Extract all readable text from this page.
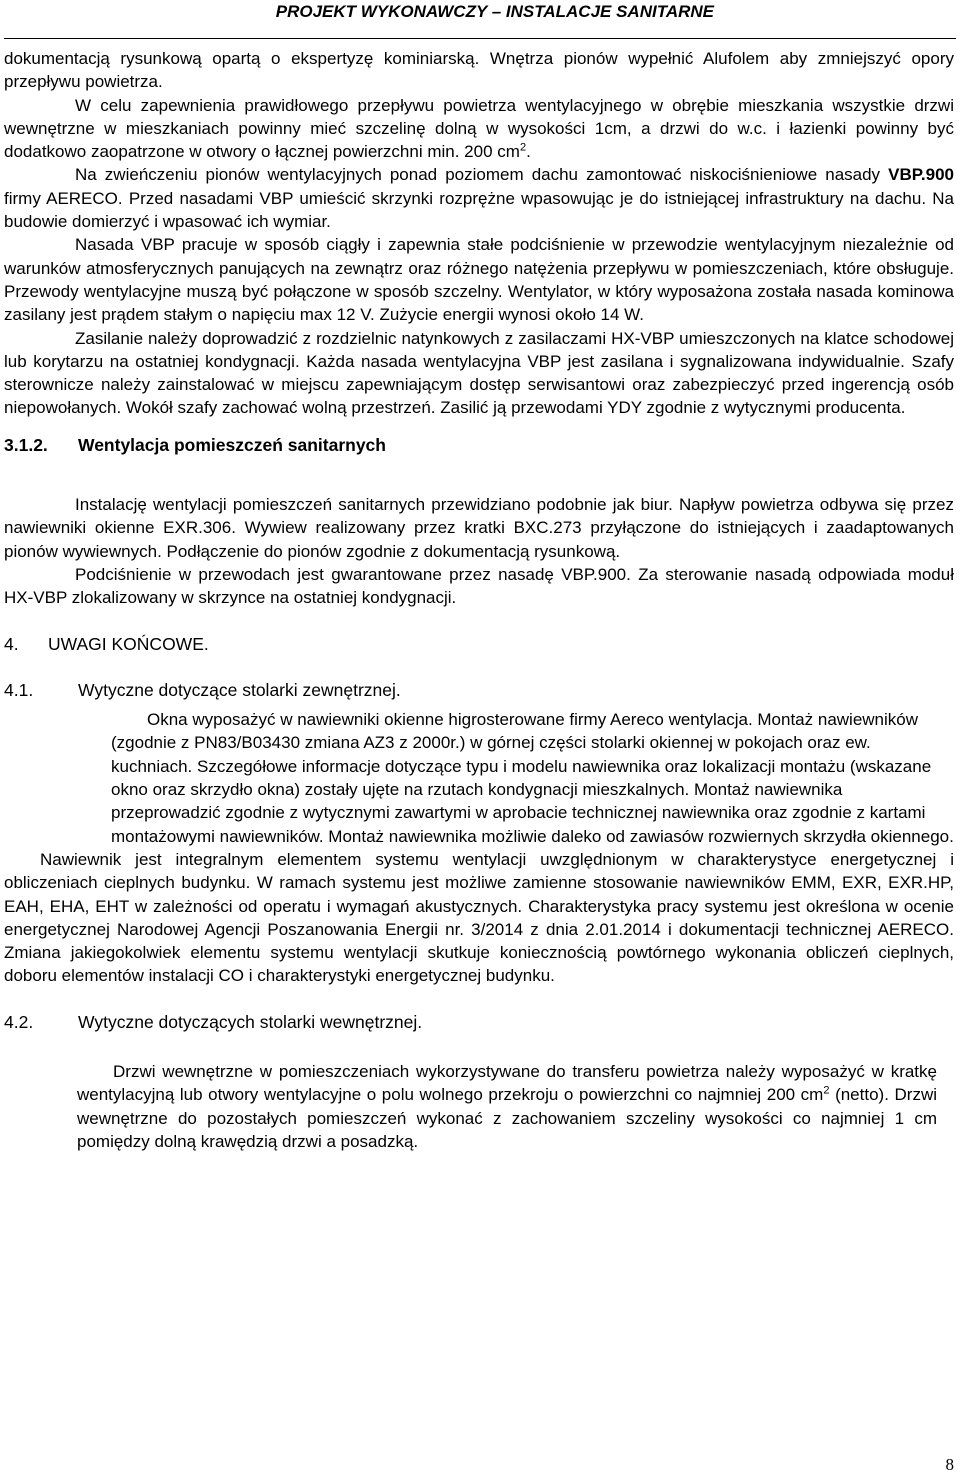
PROJEKT WYKONAWCZY – INSTALACJE SANITARNE

dokumentacją rysunkową opartą o ekspertyzę kominiarską. Wnętrza pionów wypełnić Alufolem aby zmniejszyć opory przepływu powietrza.

W celu zapewnienia prawidłowego przepływu powietrza wentylacyjnego w obrębie mieszkania wszystkie drzwi wewnętrzne w mieszkaniach powinny mieć szczelinę dolną w wysokości 1cm, a drzwi do w.c. i łazienki powinny być dodatkowo zaopatrzone w otwory o łącznej powierzchni min. 200 $cm^2$.

Na zwieńczeniu pionów wentylacyjnych ponad poziomem dachu zamontować niskociśnieniowe nasady VBP.900 firmy AERECO. Przed nasadami VBP umieścić skrzynki rozprężne wpasowując je do istniejącej infrastruktury na dachu. Na budowie domierzyć i wpasować ich wymiar.

Nasada VBP pracuje w sposób ciągły i zapewnia stałe podciśnienie w przewodzie wentylacyjnym niezależnie od warunków atmosferycznych panujących na zewnątrz oraz różnego natężenia przepływu w pomieszczeniach, które obsługuje. Przewody wentylacyjne muszą być połączone w sposób szczelny. Wentylator, w który wyposażona została nasada kominowa zasilany jest prądem stałym o napięciu max 12 V. Zużycie energii wynosi około 14 W.

Zasilanie należy doprowadzić z rozdzielnic natynkowych z zasilaczami HX-VBP umieszczonych na klatce schodowej lub korytarzu na ostatniej kondygnacji. Każda nasada wentylacyjna VBP jest zasilana i sygnalizowana indywidualnie. Szafy sterownicze należy zainstalować w miejscu zapewniającym dostęp serwisantowi oraz zabezpieczyć przed ingerencją osób niepowołanych. Wokół szafy zachować wolną przestrzeń. Zasilić ją przewodami YDY zgodnie z wytycznymi producenta.

3.1.2. Wentylacja pomieszczeń sanitarnych

Instalację wentylacji pomieszczeń sanitarnych przewidziano podobnie jak biur. Napływ powietrza odbywa się przez nawiewniki okienne EXR.306. Wywiew realizowany przez kratki BXC.273 przyłączone do istniejących i zaadaptowanych pionów wywiewnych. Podłączenie do pionów zgodnie z dokumentacją rysunkową.

Podciśnienie w przewodach jest gwarantowane przez nasadę VBP.900. Za sterowanie nasadą odpowiada moduł HX-VBP zlokalizowany w skrzynce na ostatniej kondygnacji.

4. UWAGI KOŃCOWE.
4.1.	Wytyczne dotyczące stolarki zewnętrznej.

Okna wyposażyć w nawiewniki okienne higrosterowane firmy Aereco wentylacja. Montaż nawiewników (zgodnie z PN83/B03430 zmiana AZ3 z 2000r.) w górnej części stolarki okiennej w pokojach oraz ew. kuchniach. Szczegółowe informacje dotyczące typu i modelu nawiewnika oraz lokalizacji montażu (wskazane okno oraz skrzydło okna) zostały ujęte na rzutach kondygnacji mieszkalnych. Montaż nawiewnika przeprowadzić zgodnie z wytycznymi zawartymi w aprobacie technicznej nawiewnika oraz zgodnie z kartami montażowymi nawiewników. Montaż nawiewnika możliwie daleko od zawiasów rozwiernych skrzydła okiennego.

Nawiewnik jest integralnym elementem systemu wentylacji uwzględnionym w charakterystyce energetycznej i obliczeniach cieplnych budynku. W ramach systemu jest możliwe zamienne stosowanie nawiewników EMM, EXR, EXR.HP, EAH, EHA, EHT w zależności od operatu i wymagań akustycznych. Charakterystyka pracy systemu jest określona w ocenie energetycznej Narodowej Agencji Poszanowania Energii nr. 3/2014 z dnia 2.01.2014 i dokumentacji technicznej AERECO. Zmiana jakiegokolwiek elementu systemu wentylacji skutkuje koniecznością powtórnego wykonania obliczeń cieplnych, doboru elementów instalacji CO i charakterystyki energetycznej budynku.

4.2.	Wytyczne dotyczących stolarki wewnętrznej.

Drzwi wewnętrzne w pomieszczeniach wykorzystywane do transferu powietrza należy wyposażyć w kratkę wentylacyjną lub otwory wentylacyjne o polu wolnego przekroju o powierzchni co najmniej 200 $cm^2$ (netto). Drzwi wewnętrzne do pozostałych pomieszczeń wykonać z zachowaniem szczeliny wysokości co najmniej 1 cm pomiędzy dolną krawędzią drzwi a posadzką.

8
